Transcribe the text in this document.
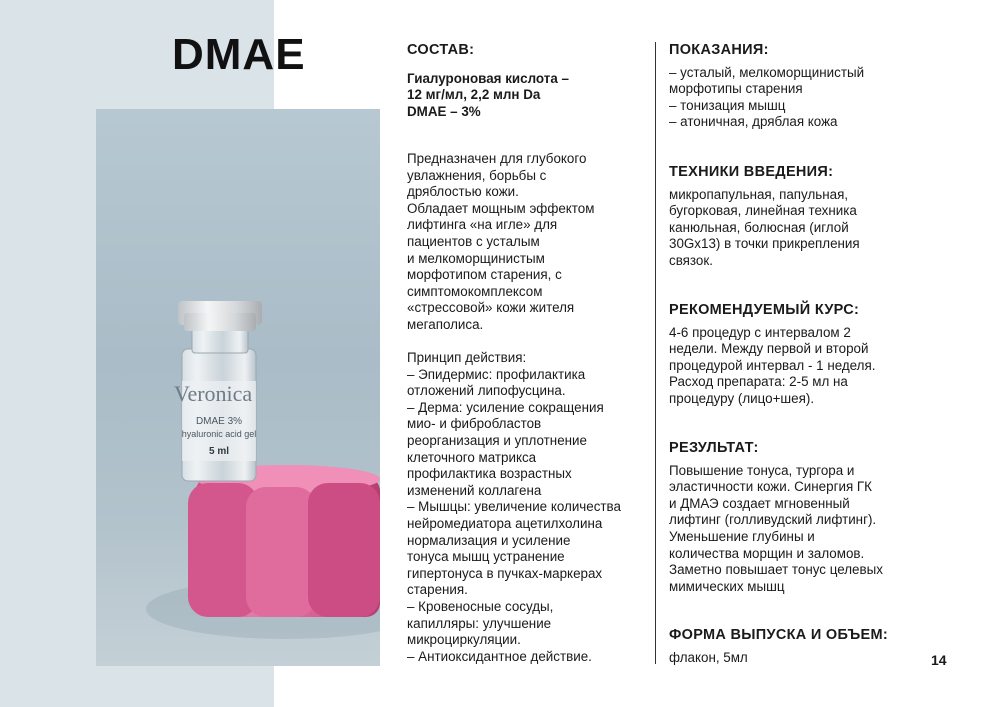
DMAE
Veronica
DMAE 3%
hyaluronic acid gel
5 ml

СОСТАВ:

Гиалуроновая кислота –

12 мг/мл, 2,2 млн Da

DMAE – 3%

Предназначен для глубокого

увлажнения, борьбы с

дряблостью кожи.

Обладает мощным эффектом

лифтинга «на игле» для

пациентов с усталым

и мелкоморщинистым

морфотипом старения, с

симптомокомплексом

«стрессовой» кожи жителя

мегаполиса.

Принцип действия:

– Эпидермис: профилактика

отложений липофусцина.

– Дерма: усиление сокращения

мио- и фибробластов

реорганизация и уплотнение

клеточного матрикса

профилактика возрастных

изменений коллагена

– Мышцы: увеличение количества

нейромедиатора ацетилхолина

нормализация и усиление

тонуса мышц устранение

гипертонуса в пучках-маркерах

старения.

– Кровеносные сосуды,

капилляры: улучшение

микроциркуляции.

– Антиоксидантное действие.

ПОКАЗАНИЯ:

– усталый, мелкоморщинистый

морфотипы старения

– тонизация мышц

– атоничная, дряблая кожа

ТЕХНИКИ ВВЕДЕНИЯ:

микропапульная, папульная,

бугорковая, линейная техника

канюльная, болюсная (иглой

30Gx13) в точки прикрепления

связок.

РЕКОМЕНДУЕМЫЙ КУРС:

4-6 процедур с интервалом 2

недели. Между первой и второй

процедурой интервал - 1 неделя.

Расход препарата: 2-5 мл на

процедуру (лицо+шея).

РЕЗУЛЬТАТ:

Повышение тонуса, тургора и

эластичности кожи. Синергия ГК

и ДМАЭ создает мгновенный

лифтинг (голливудский лифтинг).

Уменьшение глубины и

количества морщин и заломов.

Заметно повышает тонус целевых

мимических мышц

ФОРМА ВЫПУСКА И ОБЪЕМ:

флакон, 5мл	14
